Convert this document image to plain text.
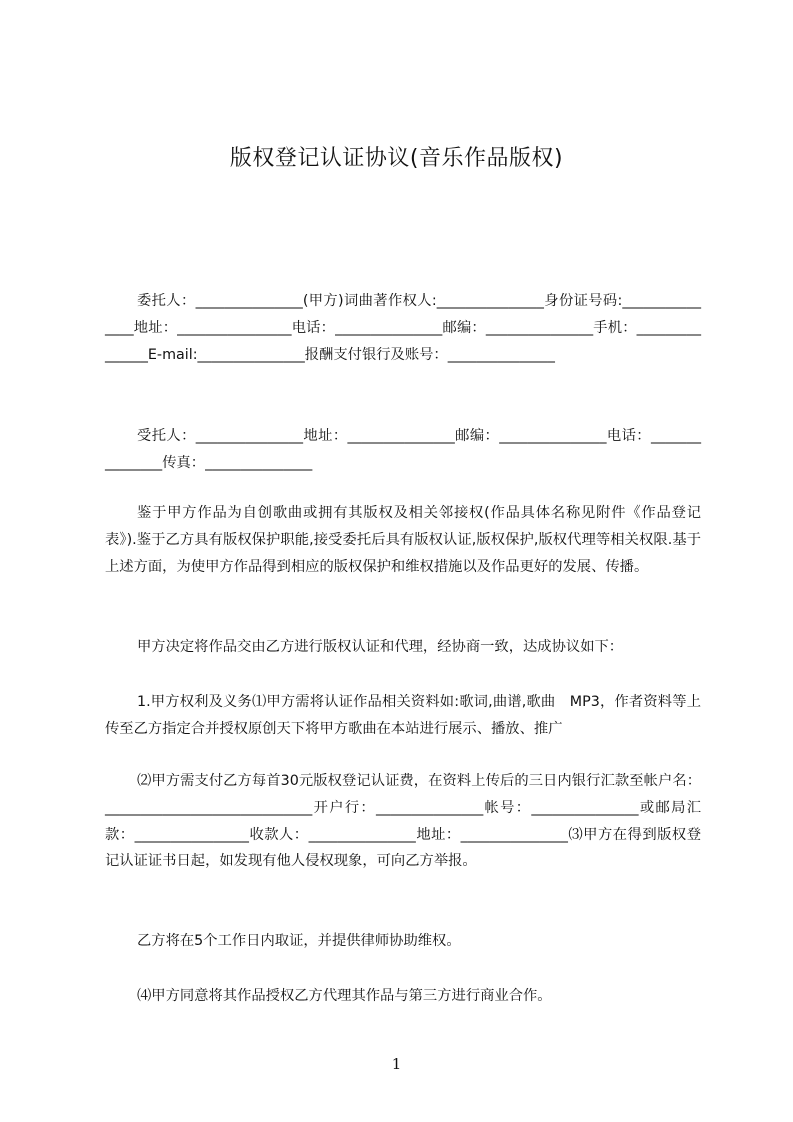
版权登记认证协议(音乐作品版权)

委托人：_______________(甲方)词曲著作权人:_______________身份证号码:_______________地址：________________电话：_______________邮编：_______________手机：_______________E-mail:_______________报酬支付银行及账号：_______________

受托人：_______________地址：_______________邮编：_______________电话：_______________传真：_______________

鉴于甲方作品为自创歌曲或拥有其版权及相关邻接权(作品具体名称见附件《作品登记表》).鉴于乙方具有版权保护职能,接受委托后具有版权认证,版权保护,版权代理等相关权限.基于上述方面，为使甲方作品得到相应的版权保护和维权措施以及作品更好的发展、传播。

甲方决定将作品交由乙方进行版权认证和代理，经协商一致，达成协议如下：

1.甲方权利及义务⑴甲方需将认证作品相关资料如:歌词,曲谱,歌曲　MP3，作者资料等上传至乙方指定合并授权原创天下将甲方歌曲在本站进行展示、播放、推广

⑵甲方需支付乙方每首30元版权登记认证费，在资料上传后的三日内银行汇款至帐户名：_____________________________开户行：_______________帐号：_______________或邮局汇款：________________收款人：_______________地址：_______________⑶甲方在得到版权登记认证证书日起，如发现有他人侵权现象，可向乙方举报。

乙方将在5个工作日内取证，并提供律师协助维权。

⑷甲方同意将其作品授权乙方代理其作品与第三方进行商业合作。

1
